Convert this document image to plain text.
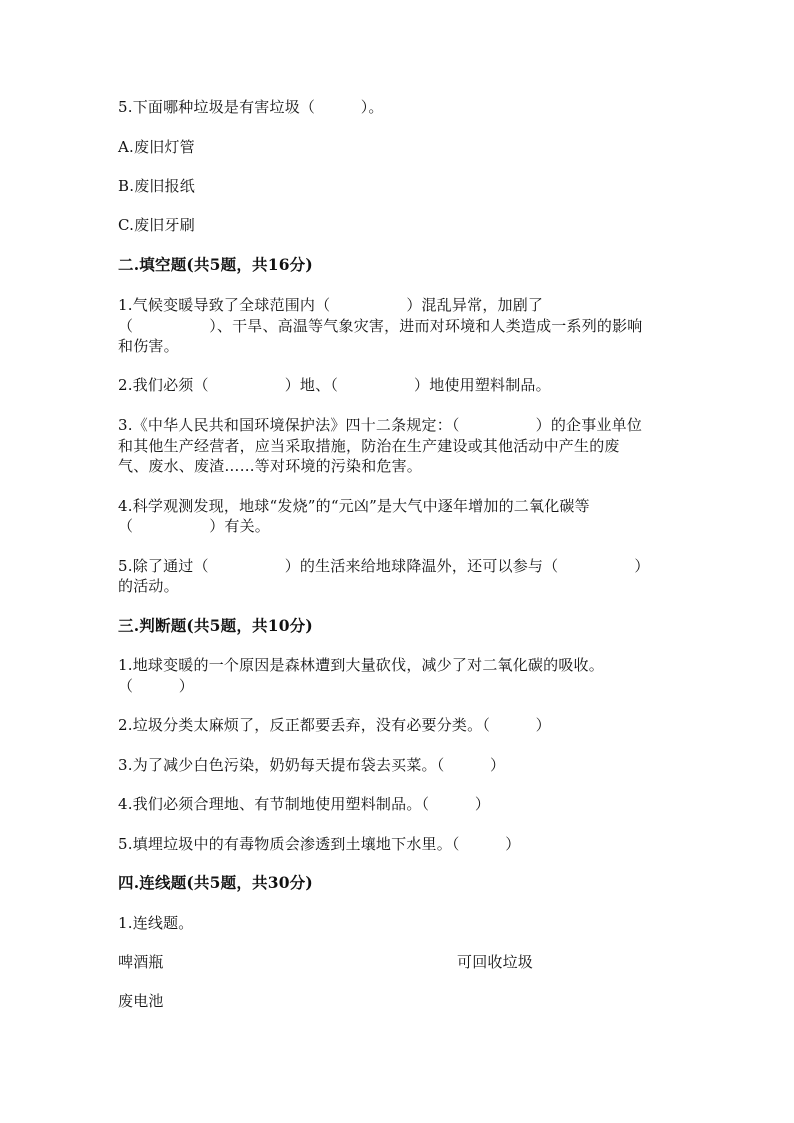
5.下面哪种垃圾是有害垃圾（　　　）。
A.废旧灯管
B.废旧报纸
C.废旧牙刷
二.填空题(共5题，共16分)
1.气候变暖导致了全球范围内（　　　　　）混乱异常，加剧了
（　　　　　）、干旱、高温等气象灾害，进而对环境和人类造成一系列的影响
和伤害。
2.我们必须（　　　　　）地、（　　　　　）地使用塑料制品。
3.《中华人民共和国环境保护法》四十二条规定：（　　　　　）的企事业单位
和其他生产经营者，应当采取措施，防治在生产建设或其他活动中产生的废
气、废水、废渣……等对环境的污染和危害。
4.科学观测发现，地球“发烧”的“元凶”是大气中逐年增加的二氧化碳等
（　　　　　）有关。
5.除了通过（　　　　　）的生活来给地球降温外，还可以参与（　　　　　）
的活动。
三.判断题(共5题，共10分)
1.地球变暖的一个原因是森林遭到大量砍伐，减少了对二氧化碳的吸收。
（　　　）
2.垃圾分类太麻烦了，反正都要丢弃，没有必要分类。（　　　）
3.为了减少白色污染，奶奶每天提布袋去买菜。（　　　）
4.我们必须合理地、有节制地使用塑料制品。（　　　）
5.填埋垃圾中的有毒物质会渗透到土壤地下水里。（　　　）
四.连线题(共5题，共30分)
1.连线题。
啤酒瓶	可回收垃圾
废电池
